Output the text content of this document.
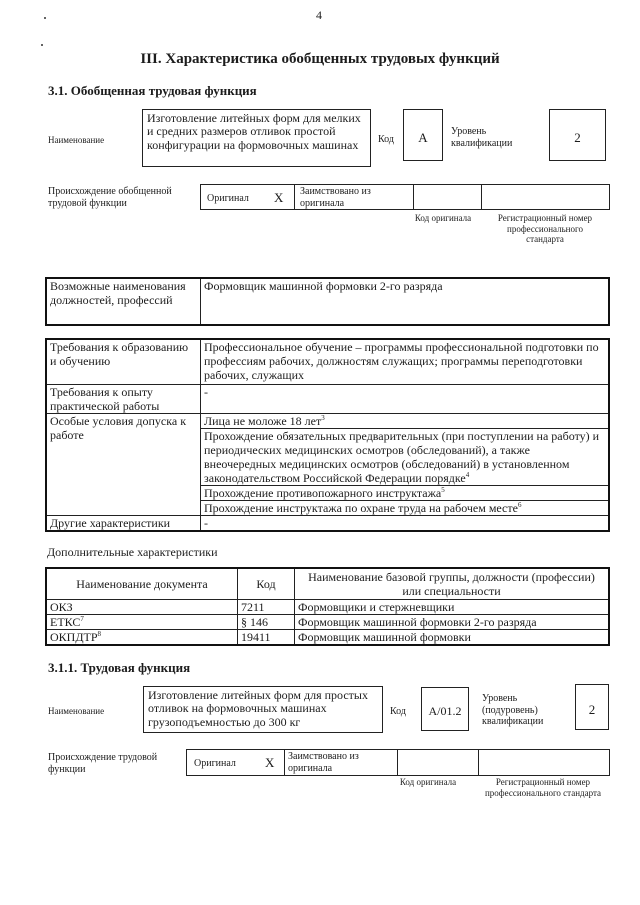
4
III. Характеристика обобщенных трудовых функций
3.1. Обобщенная трудовая функция
Наименование
Изготовление литейных форм для мелких и средних размеров отливок простой конфигурации на формовочных машинах	Код	А	Уровень квалификации	2
Происхождение обобщенной трудовой функции	Оригинал X Заимствовано из оригинала
Код оригинала	Регистрационный номер профессионального стандарта
Возможные наименования должностей, профессий	Формовщик машинной формовки 2-го разряда
Требования к образованию и обучению	Профессиональное обучение – программы профессиональной подготовки по профессиям рабочих, должностям служащих; программы переподготовки рабочих, служащих
Требования к опыту практической работы	-
Особые условия допуска к работе	Лица не моложе 18 лет$^3$
	Прохождение обязательных предварительных (при поступлении на работу) и периодических медицинских осмотров (обследований), а также внеочередных медицинских осмотров (обследований) в установленном законодательством Российской Федерации порядке$^4$
	Прохождение противопожарного инструктажа$^5$
	Прохождение инструктажа по охране труда на рабочем месте$^6$
Другие характеристики	-
Дополнительные характеристики
Наименование документа	Код	Наименование базовой группы, должности (профессии) или специальности
ОКЗ	7211	Формовщики и стержневщики
ЕТКС$^7$	§ 146	Формовщик машинной формовки 2-го разряда
ОКПДТР$^8$	19411	Формовщик машинной формовки
3.1.1. Трудовая функция
Наименование
Изготовление литейных форм для простых отливок на формовочных машинах грузоподъемностью до 300 кг
Код	А/01.2
Уровень (подуровень) квалификации
2
Происхождение трудовой функции	Оригинал X Заимствовано из оригинала
Код оригинала	Регистрационный номер профессионального стандарта
